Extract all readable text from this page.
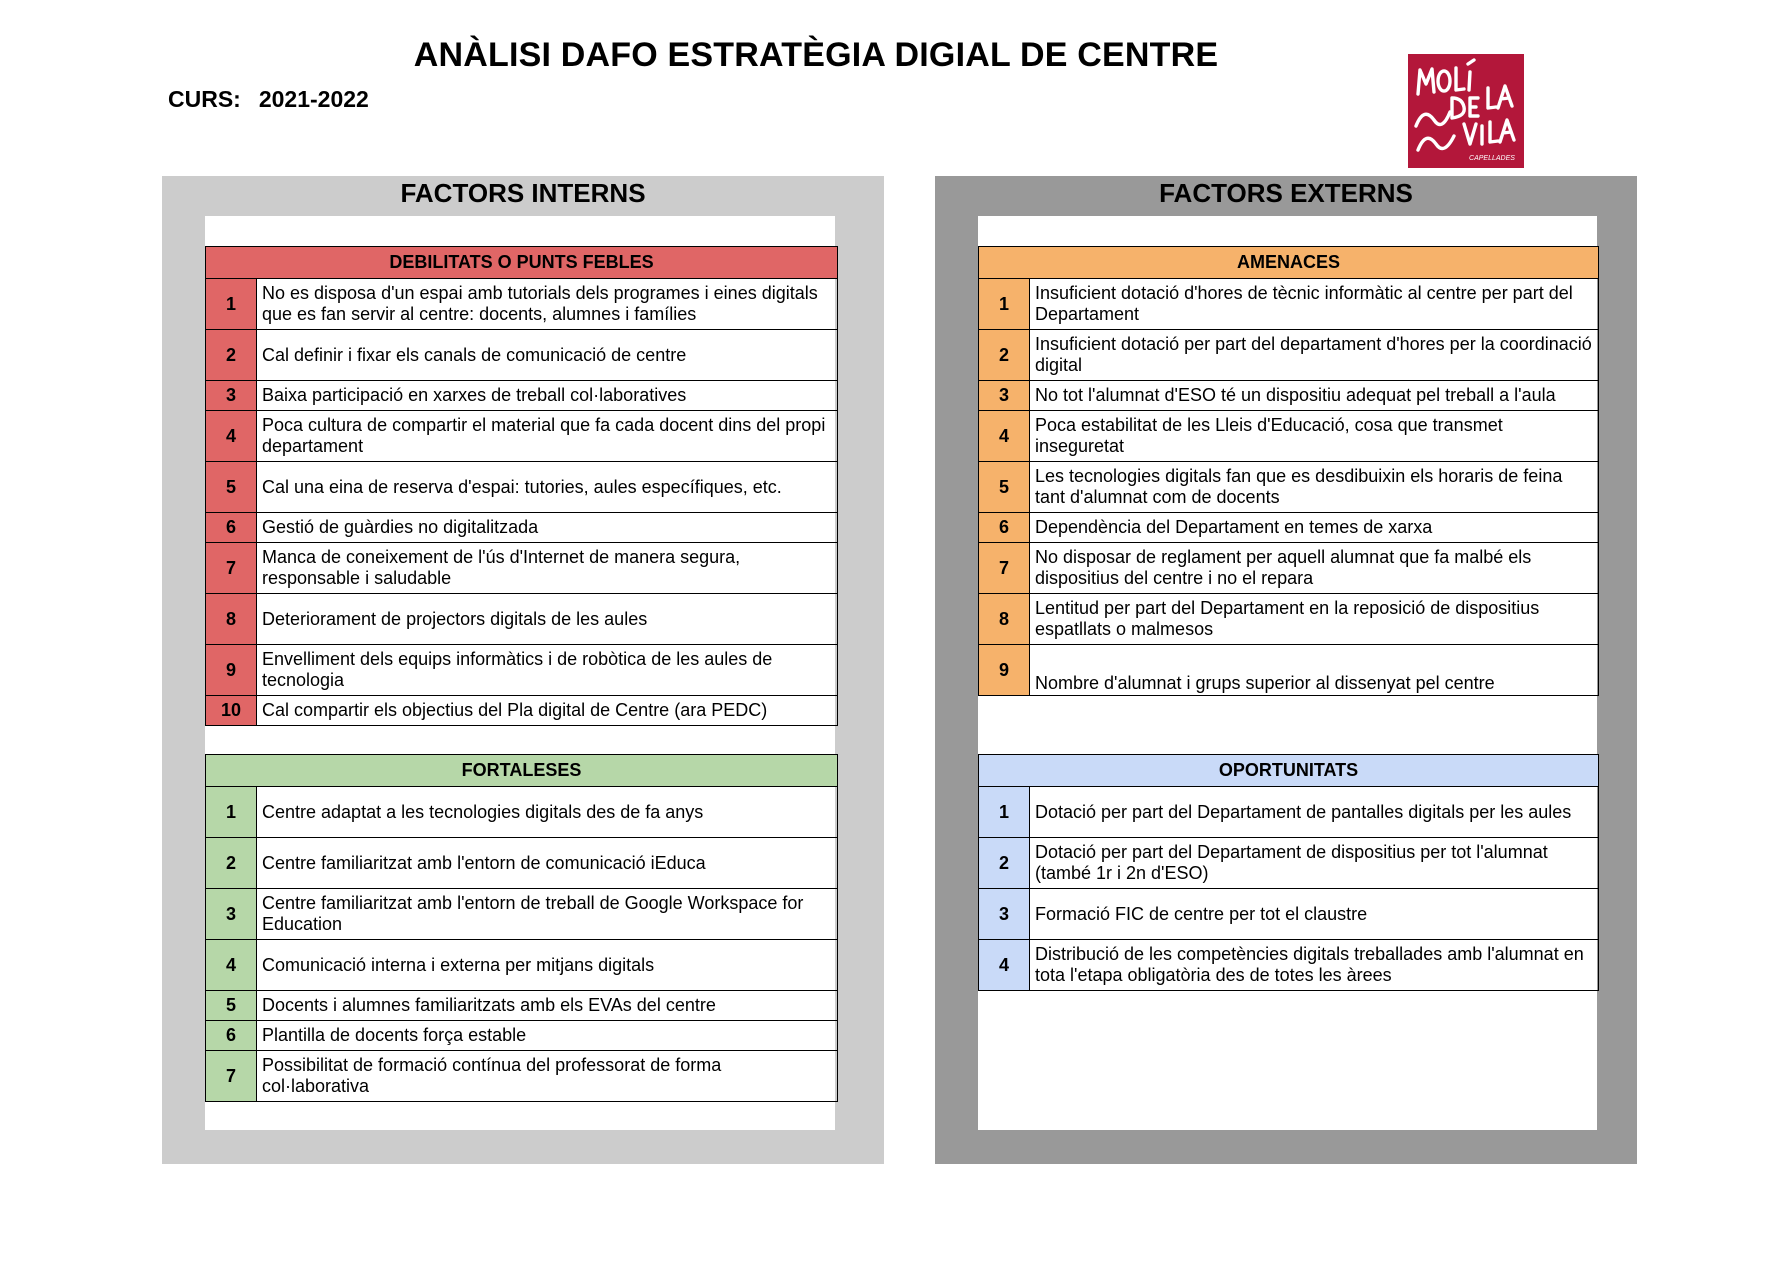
ANÀLISI DAFO ESTRATÈGIA DIGIAL DE CENTRE
CURS: 2021-2022
CAPELLADES
FACTORS INTERNS
DEBILITATS O PUNTS FEBLES	
1	No es disposa d'un espai amb tutorials dels programes i eines digitals que es fan servir al centre: docents, alumnes i famílies
2	Cal definir i fixar els canals de comunicació de centre
3	Baixa participació en xarxes de treball col·laboratives
4	Poca cultura de compartir el material que fa cada docent dins del propi departament
5	Cal una eina de reserva d'espai: tutories, aules específiques, etc.
6	Gestió de guàrdies no digitalitzada
7	Manca de coneixement de l'ús d'Internet de manera segura, responsable i saludable
8	Deteriorament de projectors digitals de les aules
9	Envelliment dels equips informàtics i de robòtica de les aules de tecnologia
10	Cal compartir els objectius del Pla digital de Centre (ara PEDC)
FORTALESES	
1	Centre adaptat a les tecnologies digitals des de fa anys
2	Centre familiaritzat amb l'entorn de comunicació iEduca
3	Centre familiaritzat amb l'entorn de treball de Google Workspace for Education
4	Comunicació interna i externa per mitjans digitals
5	Docents i alumnes familiaritzats amb els EVAs del centre
6	Plantilla de docents força estable
7	Possibilitat de formació contínua del professorat de forma col·laborativa
FACTORS EXTERNS
AMENACES	
1	Insuficient dotació d'hores de tècnic informàtic al centre per part del Departament
2	Insuficient dotació per part del departament d'hores per la coordinació digital
3	No tot l'alumnat d'ESO té un dispositiu adequat pel treball a l'aula
4	Poca estabilitat de les Lleis d'Educació, cosa que transmet inseguretat
5	Les tecnologies digitals fan que es desdibuixin els horaris de feina tant d'alumnat com de docents
6	Dependència del Departament en temes de xarxa
7	No disposar de reglament per aquell alumnat que fa malbé els dispositius del centre i no el repara
8	Lentitud per part del Departament en la reposició de dispositius espatllats o malmesos
9	Nombre d'alumnat i grups superior al dissenyat pel centre
OPORTUNITATS	
1	Dotació per part del Departament de pantalles digitals per les aules
2	Dotació per part del Departament de dispositius per tot l'alumnat (també 1r i 2n d'ESO)
3	Formació FIC de centre per tot el claustre
4	Distribució de les competències digitals treballades amb l'alumnat en tota l'etapa obligatòria des de totes les àrees
